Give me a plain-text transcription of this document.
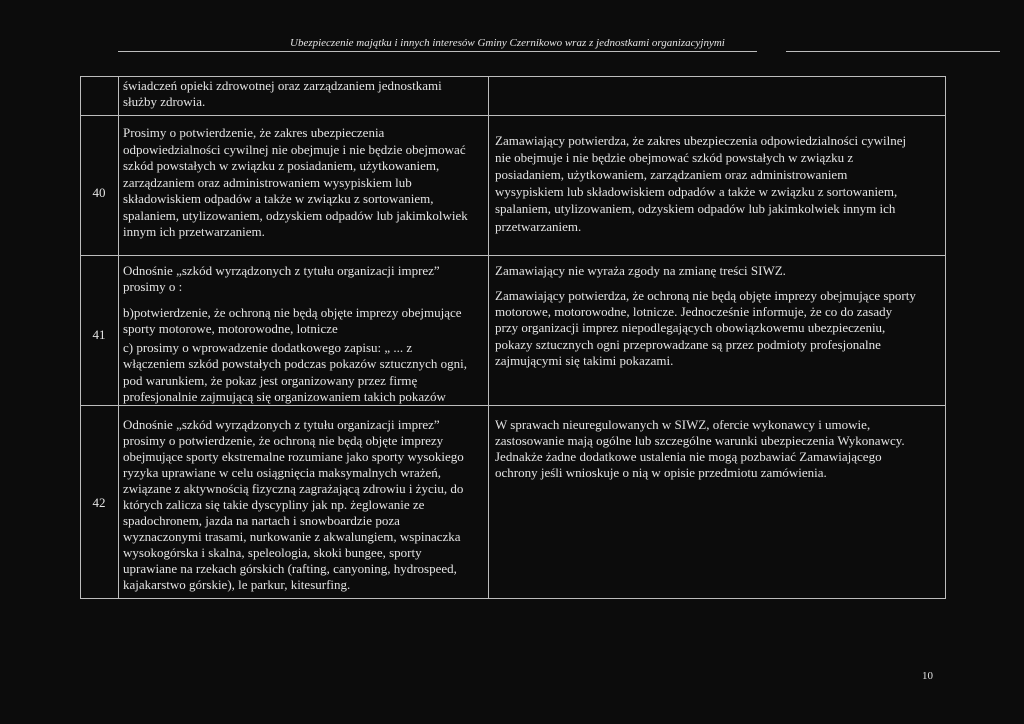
Ubezpieczenie majątku i innych interesów Gminy Czernikowo wraz z jednostkami organizacyjnymi
świadczeń opieki zdrowotnej oraz zarządzaniem jednostkami
służby zdrowia.
40
Prosimy o potwierdzenie, że zakres ubezpieczenia
odpowiedzialności cywilnej nie obejmuje i nie będzie obejmować
szkód powstałych w związku z posiadaniem, użytkowaniem,
zarządzaniem oraz administrowaniem wysypiskiem lub
składowiskiem odpadów a także w związku z sortowaniem,
spalaniem, utylizowaniem, odzyskiem odpadów lub jakimkolwiek
innym ich przetwarzaniem.
Zamawiający potwierdza, że zakres ubezpieczenia odpowiedzialności cywilnej
nie obejmuje i nie będzie obejmować szkód powstałych w związku z
posiadaniem, użytkowaniem, zarządzaniem oraz administrowaniem
wysypiskiem lub składowiskiem odpadów a także w związku z sortowaniem,
spalaniem, utylizowaniem, odzyskiem odpadów lub jakimkolwiek innym ich
przetwarzaniem.
41
Odnośnie „szkód wyrządzonych z tytułu organizacji imprez”
prosimy o :
b)potwierdzenie, że ochroną nie będą objęte imprezy obejmujące
sporty motorowe, motorowodne, lotnicze
c) prosimy o wprowadzenie dodatkowego zapisu: „ ... z
włączeniem szkód powstałych podczas pokazów sztucznych ogni,
pod warunkiem, że pokaz jest organizowany przez firmę
profesjonalnie zajmującą się organizowaniem takich pokazów
Zamawiający nie wyraża zgody na zmianę treści SIWZ.
Zamawiający potwierdza, że ochroną nie będą objęte imprezy obejmujące sporty
motorowe, motorowodne, lotnicze. Jednocześnie informuje, że co do zasady
przy organizacji imprez niepodlegających obowiązkowemu ubezpieczeniu,
pokazy sztucznych ogni przeprowadzane są przez podmioty profesjonalne
zajmującymi się takimi pokazami.
42
Odnośnie „szkód wyrządzonych z tytułu organizacji imprez”
prosimy o potwierdzenie, że ochroną nie będą objęte imprezy
obejmujące sporty ekstremalne rozumiane jako sporty wysokiego
ryzyka uprawiane w celu osiągnięcia maksymalnych wrażeń,
związane z aktywnością fizyczną zagrażającą zdrowiu i życiu, do
których zalicza się takie dyscypliny jak np. żeglowanie ze
spadochronem, jazda na nartach i snowboardzie poza
wyznaczonymi trasami, nurkowanie z akwalungiem, wspinaczka
wysokogórska i skalna, speleologia, skoki bungee, sporty
uprawiane na rzekach górskich (rafting, canyoning, hydrospeed,
kajakarstwo górskie), le parkur, kitesurfing.
W sprawach nieuregulowanych w SIWZ, ofercie wykonawcy i umowie,
zastosowanie mają ogólne lub szczególne warunki ubezpieczenia Wykonawcy.
Jednakże żadne dodatkowe ustalenia nie mogą pozbawiać Zamawiającego
ochrony jeśli wnioskuje o nią w opisie przedmiotu zamówienia.
10
